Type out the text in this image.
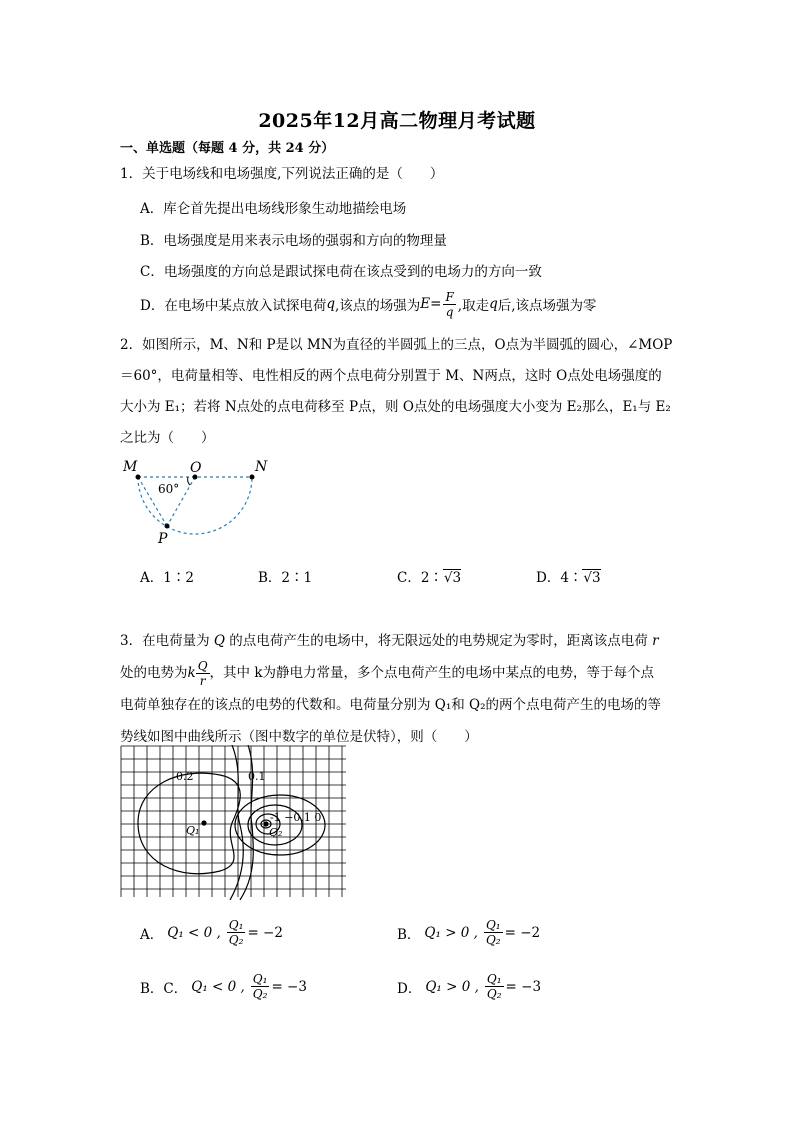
2025年12月高二物理月考试题
一、单选题（每题 4 分，共 24 分）
1．关于电场线和电场强度,下列说法正确的是（　　）
A．库仑首先提出电场线形象生动地描绘电场
B．电场强度是用来表示电场的强弱和方向的物理量
C．电场强度的方向总是跟试探电荷在该点受到的电场力的方向一致
D．在电场中某点放入试探电荷 q ,该点的场强为 $E = \frac{F}{q}$ ,取走 q 后,该点场强为零
2．如图所示，M、N和 P是以 MN为直径的半圆弧上的三点，O点为半圆弧的圆心，∠MOP
＝60°，电荷量相等、电性相反的两个点电荷分别置于 M、N两点，这时 O点处电场强度的
大小为 E₁；若将 N点处的点电荷移至 P点，则 O点处的电场强度大小变为 E₂那么，E₁与 E₂
之比为（　　）
M	O	N
P
60°
A．1∶2	B．2∶1	C．2∶√3	D．4∶√3
3．在电荷量为 Q 的点电荷产生的电场中，将无限远处的电势规定为零时，距离该点电荷 r
处的电势为 k $\frac{Q}{r}$ ，其中 k为静电力常量，多个点电荷产生的电场中某点的电势，等于每个点
电荷单独存在的该点的电势的代数和。电荷量分别为 Q₁和 Q₂的两个点电荷产生的电场的等
势线如图中曲线所示（图中数字的单位是伏特），则（　　）
0.2	0.1
-1 −0.1 0
Q₁	Q₂
A． Q₁ < 0 , $\frac{\text{Q₁}}{\text{Q₂}} = -2$	B． Q₁ > 0 , $\frac{\text{Q₁}}{\text{Q₂}} = -2$
B．C． Q₁ < 0 , $\frac{\text{Q₁}}{\text{Q₂}} = -3$	D． Q₁ > 0 , $\frac{\text{Q₁}}{\text{Q₂}} = -3$
